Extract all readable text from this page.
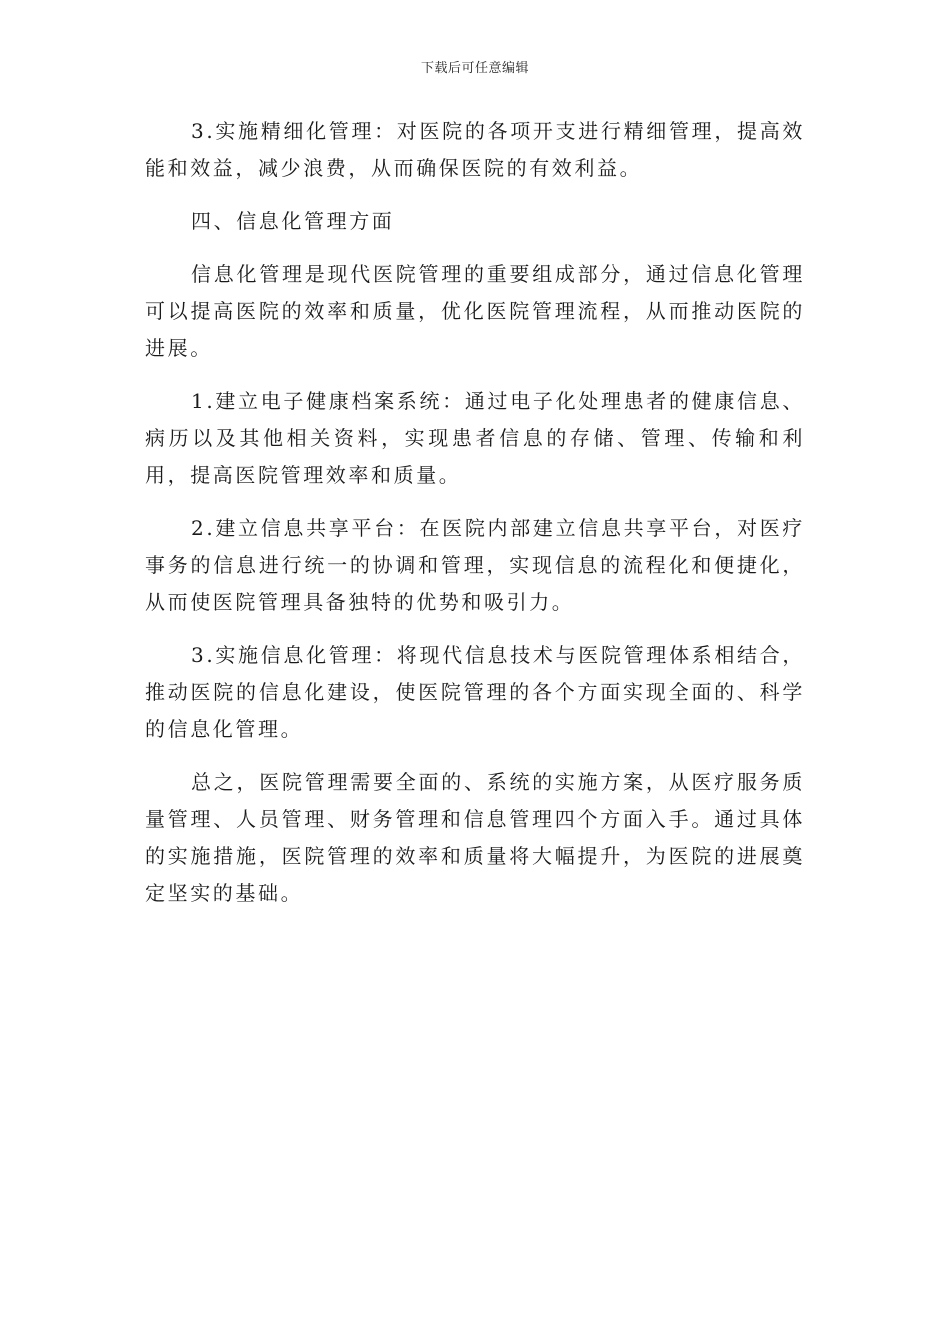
下载后可任意编辑

3.实施精细化管理：对医院的各项开支进行精细管理，提高效能和效益，减少浪费，从而确保医院的有效利益。

四、信息化管理方面

信息化管理是现代医院管理的重要组成部分，通过信息化管理可以提高医院的效率和质量，优化医院管理流程，从而推动医院的进展。

1.建立电子健康档案系统：通过电子化处理患者的健康信息、病历以及其他相关资料，实现患者信息的存储、管理、传输和利用，提高医院管理效率和质量。

2.建立信息共享平台：在医院内部建立信息共享平台，对医疗事务的信息进行统一的协调和管理，实现信息的流程化和便捷化，从而使医院管理具备独特的优势和吸引力。

3.实施信息化管理：将现代信息技术与医院管理体系相结合，推动医院的信息化建设，使医院管理的各个方面实现全面的、科学的信息化管理。

总之，医院管理需要全面的、系统的实施方案，从医疗服务质量管理、人员管理、财务管理和信息管理四个方面入手。通过具体的实施措施，医院管理的效率和质量将大幅提升，为医院的进展奠定坚实的基础。
